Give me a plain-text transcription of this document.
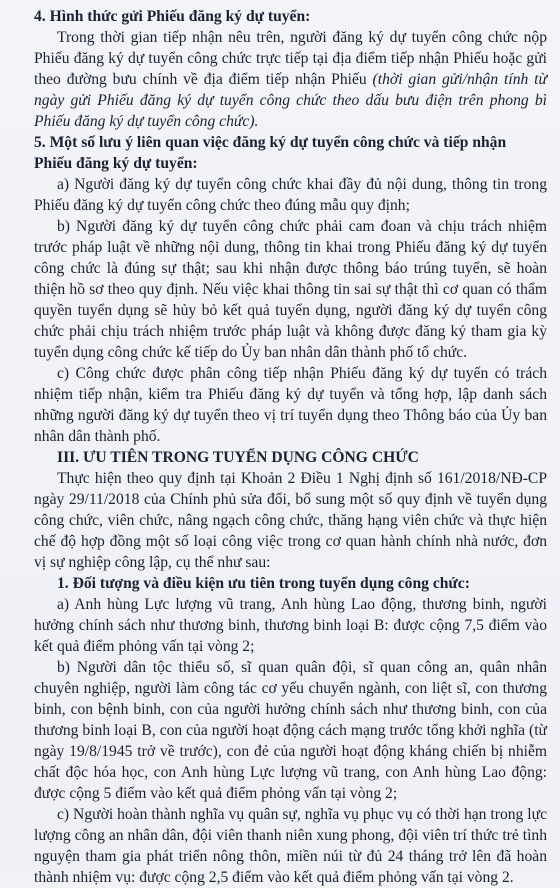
4. Hình thức gửi Phiếu đăng ký dự tuyển:

Trong thời gian tiếp nhận nêu trên, người đăng ký dự tuyển công chức nộp Phiếu đăng ký dự tuyển công chức trực tiếp tại địa điểm tiếp nhận Phiếu hoặc gửi theo đường bưu chính về địa điểm tiếp nhận Phiếu (thời gian gửi/nhận tính từ ngày gửi Phiếu đăng ký dự tuyển công chức theo dấu bưu điện trên phong bì Phiếu đăng ký dự tuyển công chức).

5. Một số lưu ý liên quan việc đăng ký dự tuyển công chức và tiếp nhận Phiếu đăng ký dự tuyển:

a) Người đăng ký dự tuyển công chức khai đầy đủ nội dung, thông tin trong Phiếu đăng ký dự tuyển công chức theo đúng mẫu quy định;

b) Người đăng ký dự tuyển công chức phải cam đoan và chịu trách nhiệm trước pháp luật về những nội dung, thông tin khai trong Phiếu đăng ký dự tuyển công chức là đúng sự thật; sau khi nhận được thông báo trúng tuyển, sẽ hoàn thiện hồ sơ theo quy định. Nếu việc khai thông tin sai sự thật thì cơ quan có thẩm quyền tuyển dụng sẽ hủy bỏ kết quả tuyển dụng, người đăng ký dự tuyển công chức phải chịu trách nhiệm trước pháp luật và không được đăng ký tham gia kỳ tuyển dụng công chức kế tiếp do Ủy ban nhân dân thành phố tổ chức.

c) Công chức được phân công tiếp nhận Phiếu đăng ký dự tuyển có trách nhiệm tiếp nhận, kiểm tra Phiếu đăng ký dự tuyển và tổng hợp, lập danh sách những người đăng ký dự tuyển theo vị trí tuyển dụng theo Thông báo của Ủy ban nhân dân thành phố.

III. ƯU TIÊN TRONG TUYỂN DỤNG CÔNG CHỨC

Thực hiện theo quy định tại Khoản 2 Điều 1 Nghị định số 161/2018/NĐ-CP ngày 29/11/2018 của Chính phủ sửa đổi, bổ sung một số quy định về tuyển dụng công chức, viên chức, nâng ngạch công chức, thăng hạng viên chức và thực hiện chế độ hợp đồng một số loại công việc trong cơ quan hành chính nhà nước, đơn vị sự nghiệp công lập, cụ thể như sau:

1. Đối tượng và điều kiện ưu tiên trong tuyển dụng công chức:

a) Anh hùng Lực lượng vũ trang, Anh hùng Lao động, thương binh, người hưởng chính sách như thương binh, thương binh loại B: được cộng 7,5 điểm vào kết quả điểm phỏng vấn tại vòng 2;

b) Người dân tộc thiểu số, sĩ quan quân đội, sĩ quan công an, quân nhân chuyên nghiệp, người làm công tác cơ yếu chuyển ngành, con liệt sĩ, con thương binh, con bệnh binh, con của người hưởng chính sách như thương binh, con của thương binh loại B, con của người hoạt động cách mạng trước tổng khởi nghĩa (từ ngày 19/8/1945 trở về trước), con đẻ của người hoạt động kháng chiến bị nhiễm chất độc hóa học, con Anh hùng Lực lượng vũ trang, con Anh hùng Lao động: được cộng 5 điểm vào kết quả điểm phỏng vấn tại vòng 2;

c) Người hoàn thành nghĩa vụ quân sự, nghĩa vụ phục vụ có thời hạn trong lực lượng công an nhân dân, đội viên thanh niên xung phong, đội viên trí thức trẻ tình nguyện tham gia phát triển nông thôn, miền núi từ đủ 24 tháng trở lên đã hoàn thành nhiệm vụ: được cộng 2,5 điểm vào kết quả điểm phỏng vấn tại vòng 2.
